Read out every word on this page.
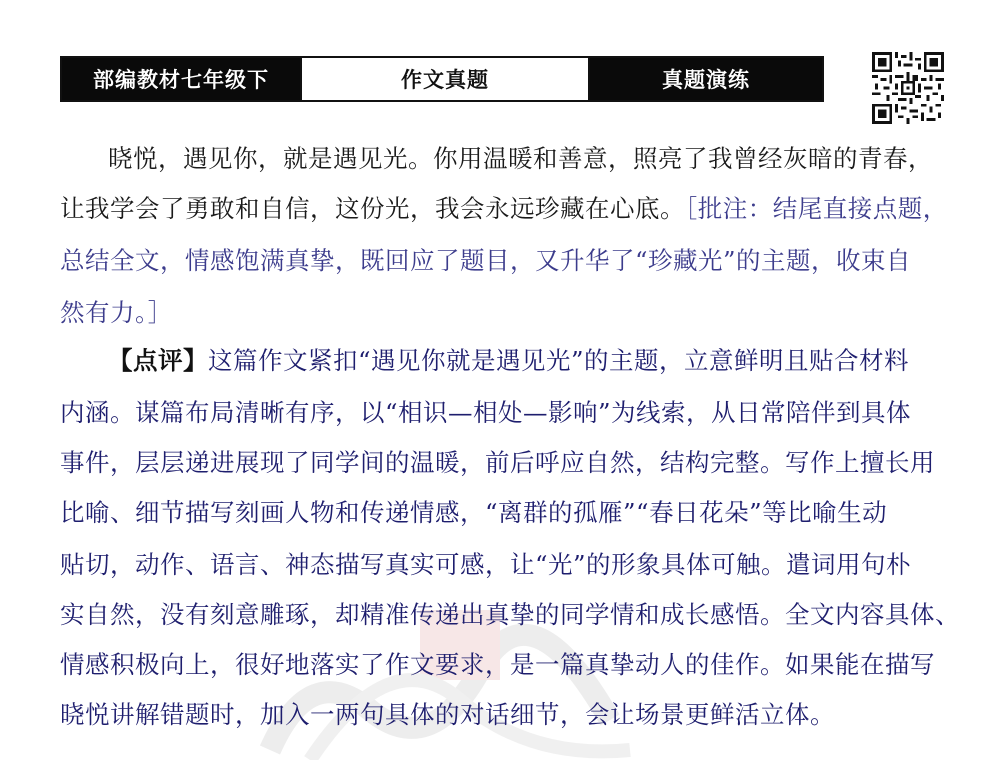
部编教材七年级下	作文真题	真题演练
晓悦，遇见你，就是遇见光。你用温暖和善意，照亮了我曾经灰暗的青春，
让我学会了勇敢和自信，这份光，我会永远珍藏在心底。［批注：结尾直接点题，
总结全文，情感饱满真挚，既回应了题目，又升华了“珍藏光”的主题，收束自
然有力。］
【点评】这篇作文紧扣“遇见你就是遇见光”的主题，立意鲜明且贴合材料
内涵。谋篇布局清晰有序，以“相识—相处—影响”为线索，从日常陪伴到具体
事件，层层递进展现了同学间的温暖，前后呼应自然，结构完整。写作上擅长用
比喻、细节描写刻画人物和传递情感，“离群的孤雁”“春日花朵”等比喻生动
贴切，动作、语言、神态描写真实可感，让“光”的形象具体可触。遣词用句朴
实自然，没有刻意雕琢，却精准传递出真挚的同学情和成长感悟。全文内容具体、
情感积极向上，很好地落实了作文要求，是一篇真挚动人的佳作。如果能在描写
晓悦讲解错题时，加入一两句具体的对话细节，会让场景更鲜活立体。
